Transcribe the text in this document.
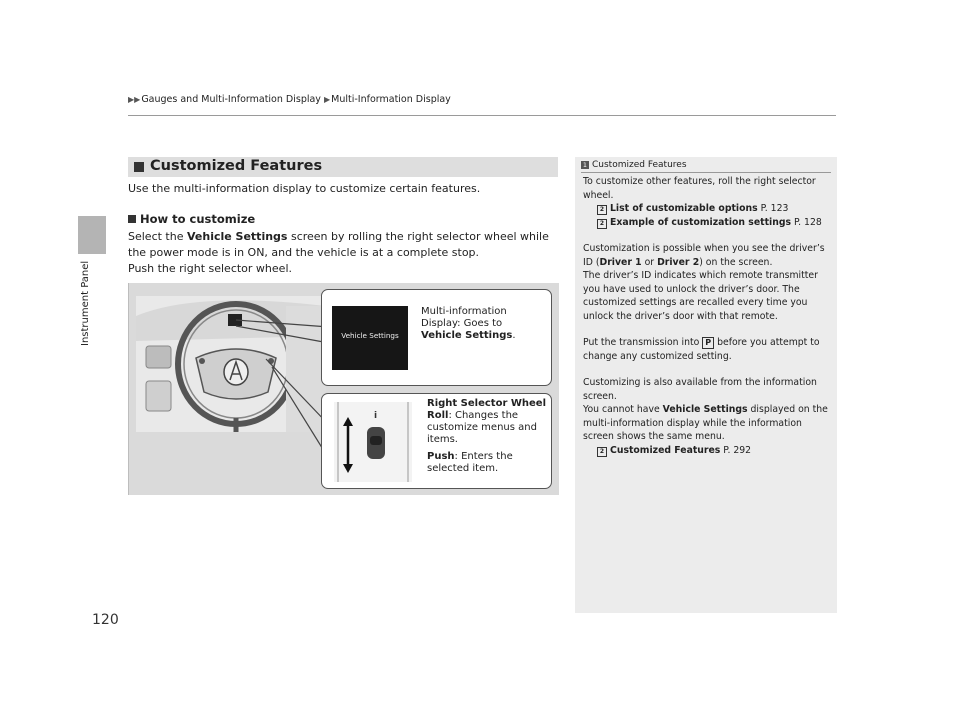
▶▶Gauges and Multi-Information Display ▶Multi-Information Display
Instrument Panel
120
Customized Features
Use the multi-information display to customize certain features.
How to customize
Select the Vehicle Settings screen by rolling the right selector wheel while the power mode is in ON, and the vehicle is at a complete stop.
Push the right selector wheel.
Vehicle Settings
Multi-information
Display: Goes to
Vehicle Settings.
i
Right Selector Wheel
Roll: Changes the customize menus and items.
Push: Enters the selected item.
1 Customized Features
To customize other features, roll the right selector wheel.
2 List of customizable options P. 123
2 Example of customization settings P. 128
Customization is possible when you see the driver’s ID (Driver 1 or Driver 2) on the screen.
The driver’s ID indicates which remote transmitter you have used to unlock the driver’s door. The customized settings are recalled every time you unlock the driver’s door with that remote.
Put the transmission into P before you attempt to change any customized setting.
Customizing is also available from the information screen.
You cannot have Vehicle Settings displayed on the multi-information display while the information screen shows the same menu.
2 Customized Features P. 292
